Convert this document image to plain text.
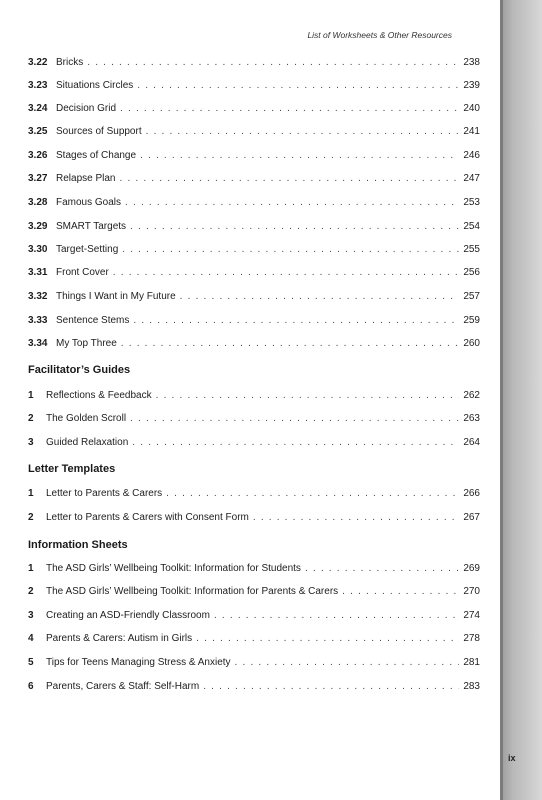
List of Worksheets & Other Resources
3.22 Bricks . . .	238
3.23 Situations Circles . . .	239
3.24 Decision Grid . . .	240
3.25 Sources of Support . . .	241
3.26 Stages of Change . . .	246
3.27 Relapse Plan . . .	247
3.28 Famous Goals . . .	253
3.29 SMART Targets . . .	254
3.30 Target-Setting . . .	255
3.31 Front Cover . . .	256
3.32 Things I Want in My Future . . .	257
3.33 Sentence Stems . . .	259
3.34 My Top Three . . .	260
Facilitator’s Guides
1	Reflections & Feedback . . .	262
2	The Golden Scroll . . .	263
3	Guided Relaxation . . .	264
Letter Templates
1	Letter to Parents & Carers . . .	266
2	Letter to Parents & Carers with Consent Form . . .	267
Information Sheets
1	The ASD Girls’ Wellbeing Toolkit: Information for Students . . .	269
2	The ASD Girls’ Wellbeing Toolkit: Information for Parents & Carers . . .	270
3	Creating an ASD-Friendly Classroom . . .	274
4	Parents & Carers: Autism in Girls . . .	278
5	Tips for Teens Managing Stress & Anxiety . . .	281
6	Parents, Carers & Staff: Self-Harm . . .	283
ix
